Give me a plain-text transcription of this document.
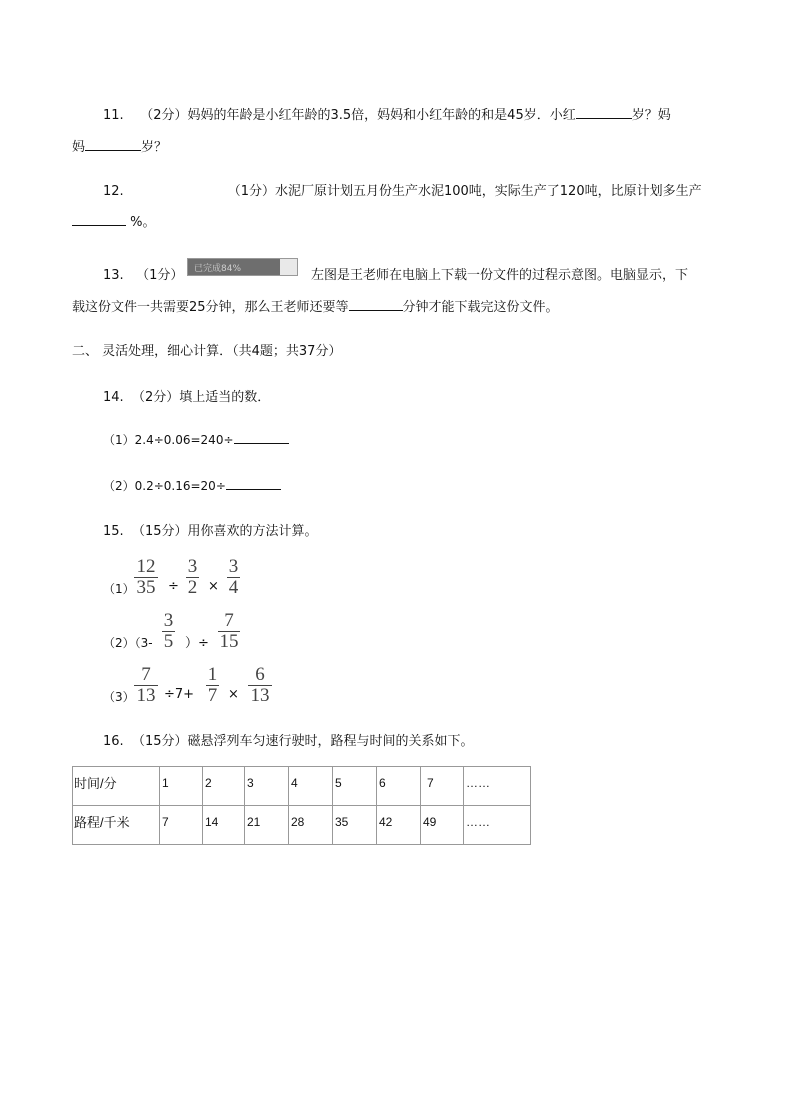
11. （2分）妈妈的年龄是小红年龄的3.5倍，妈妈和小红年龄的和是45岁．小红	岁？妈
妈	岁？
12.	（1分）水泥厂原计划五月份生产水泥100吨，实际生产了120吨，比原计划多生产
%。
13. （1分） 已完成84%	左图是王老师在电脑上下载一份文件的过程示意图。电脑显示，下
载这份文件一共需要25分钟，那么王老师还要等	分钟才能下载完这份文件。
二、 灵活处理，细心计算．（共4题；共37分）
14. （2分）填上适当的数．
（1）2.4÷0.06=240÷
（2）0.2÷0.16=20÷
15. （15分）用你喜欢的方法计算。
（1）
12
35 ÷
3
2 ×
3
4
（2）（3-
3
5 ）÷
7
15
（3）
7
13 ÷7+
1
7 ×
6
13
16. （15分）磁悬浮列车匀速行驶时，路程与时间的关系如下。
时间/分	1	2	3	4	5	6	7	……

路程/千米	7	14	21	28	35	42	49	……
